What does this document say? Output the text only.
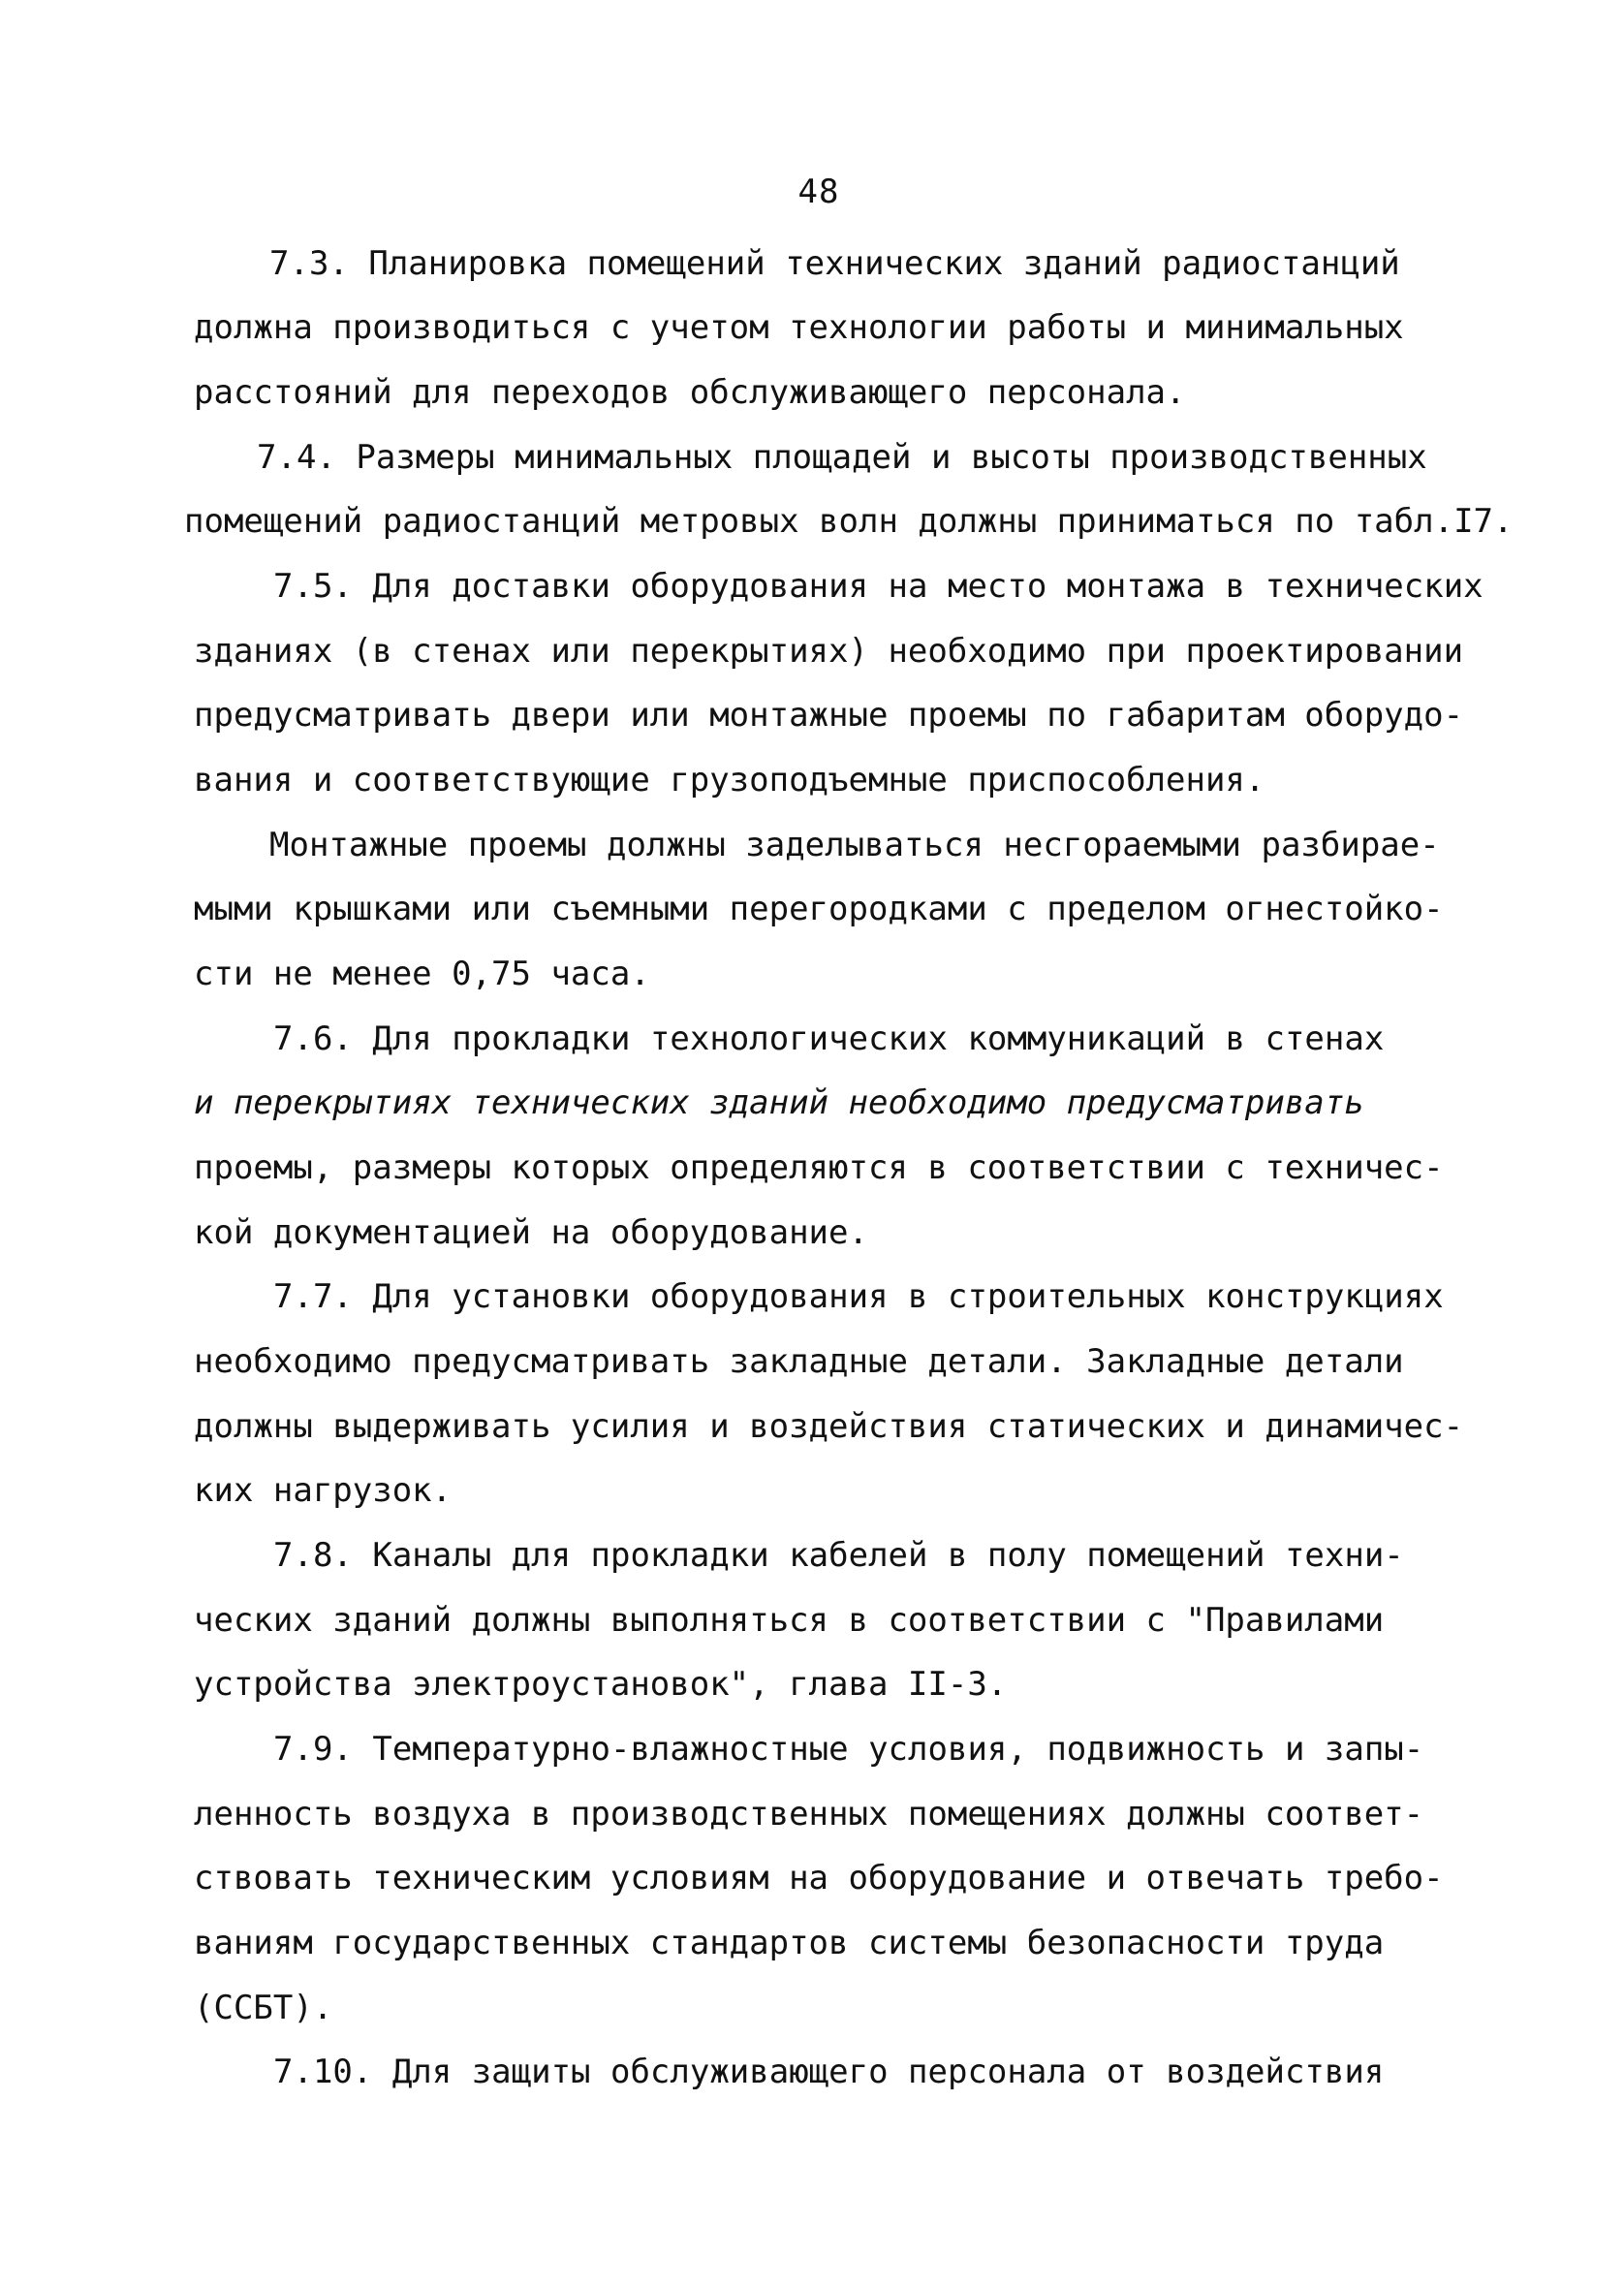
48
7.3. Планировка помещений технических зданий радиостанций
должна производиться с учетом технологии работы и минимальных
расстояний для переходов обслуживающего персонала.
7.4. Размеры минимальных площадей и высоты производственных
помещений радиостанций метровых волн должны приниматься по табл.I7.
7.5. Для доставки оборудования на место монтажа в технических
зданиях (в стенах или перекрытиях) необходимо при проектировании
предусматривать двери или монтажные проемы по габаритам оборудо-
вания и соответствующие грузоподъемные приспособления.
Монтажные проемы должны заделываться несгораемыми разбирае-
мыми крышками или съемными перегородками с пределом огнестойко-
сти не менее 0,75 часа.
7.6. Для прокладки технологических коммуникаций в стенах
и перекрытиях технических зданий необходимо предусматривать
проемы, размеры которых определяются в соответствии с техничес-
кой документацией на оборудование.
7.7. Для установки оборудования в строительных конструкциях
необходимо предусматривать закладные детали. Закладные детали
должны выдерживать усилия и воздействия статических и динамичес-
ких нагрузок.
7.8. Каналы для прокладки кабелей в полу помещений техни-
ческих зданий должны выполняться в соответствии с "Правилами
устройства электроустановок", глава II-3.
7.9. Температурно-влажностные условия, подвижность и запы-
ленность воздуха в производственных помещениях должны соответ-
ствовать техническим условиям на оборудование и отвечать требо-
ваниям государственных стандартов системы безопасности труда
(ССБТ).
7.10. Для защиты обслуживающего персонала от воздействия
